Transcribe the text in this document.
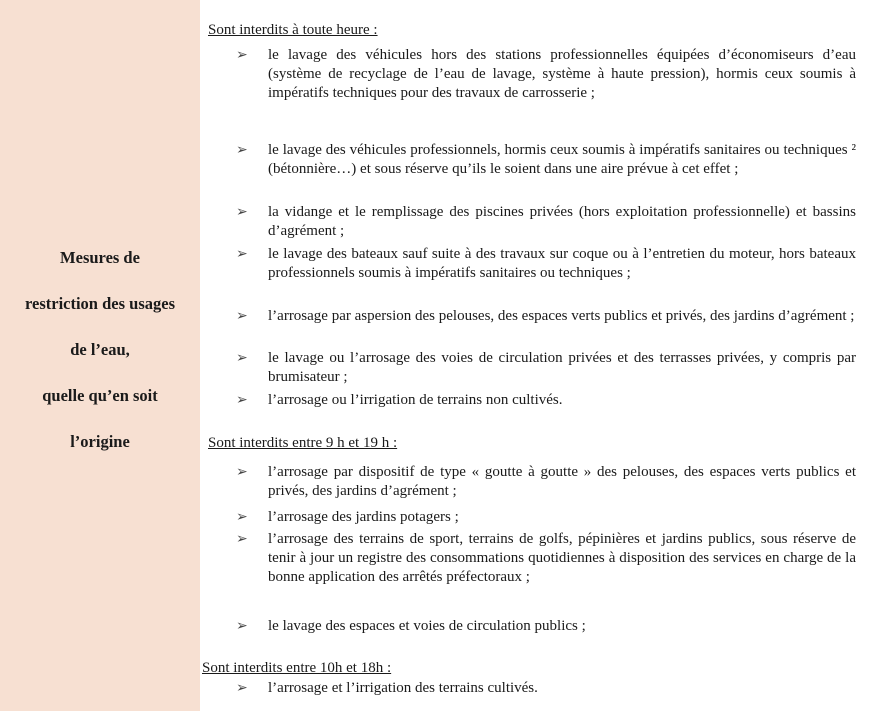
Mesures de
restriction des usages
de l’eau,
quelle qu’en soit
l’origine
Sont interdits à toute heure :
➢ le lavage des véhicules hors des stations professionnelles équipées d’économiseurs d’eau (système de recyclage de l’eau de lavage, système à haute pression), hormis ceux soumis à impératifs techniques pour des travaux de carrosserie ;
➢ le lavage des véhicules professionnels, hormis ceux soumis à impératifs sanitaires ou techniques ² (bétonnière…) et sous réserve qu’ils le soient dans une aire prévue à cet effet ;
➢ la vidange et le remplissage des piscines privées (hors exploitation professionnelle) et bassins d’agrément ;
➢ le lavage des bateaux sauf suite à des travaux sur coque ou à l’entretien du moteur, hors bateaux professionnels soumis à impératifs sanitaires ou techniques ;
➢ l’arrosage par aspersion des pelouses, des espaces verts publics et privés, des jardins d’agrément ;
➢ le lavage ou l’arrosage des voies de circulation privées et des terrasses privées, y compris par brumisateur ;
➢ l’arrosage ou l’irrigation de terrains non cultivés.
Sont interdits entre 9 h et 19 h :
➢ l’arrosage par dispositif de type « goutte à goutte » des pelouses, des espaces verts publics et privés, des jardins d’agrément ;
➢ l’arrosage des jardins potagers ;
➢ l’arrosage des terrains de sport, terrains de golfs, pépinières et jardins publics, sous réserve de tenir à jour un registre des consommations quotidiennes à disposition des services en charge de la bonne application des arrêtés préfectoraux ;
➢ le lavage des espaces et voies de circulation publics ;
Sont interdits entre 10h et 18h :
➢ l’arrosage et l’irrigation des terrains cultivés.
